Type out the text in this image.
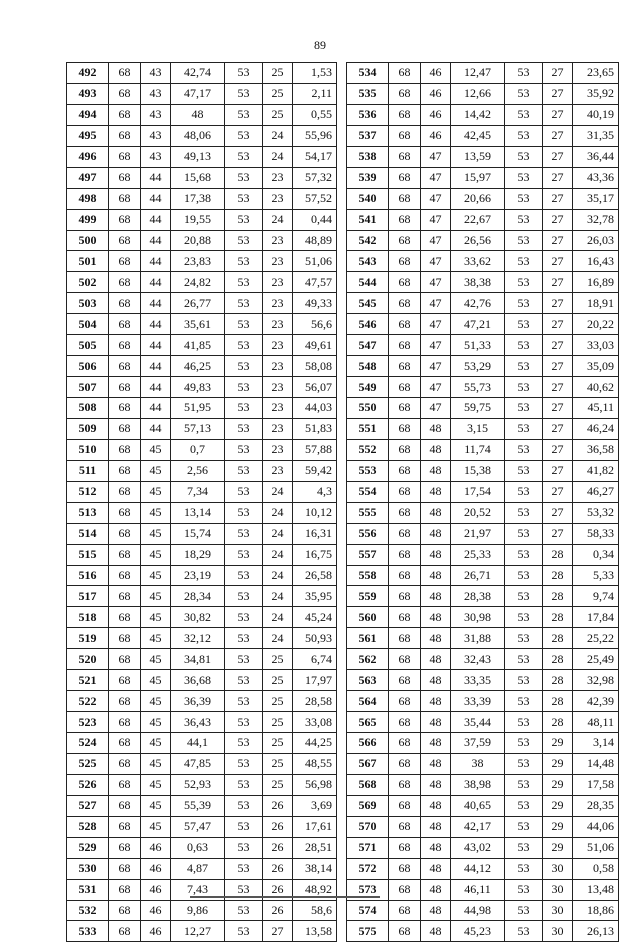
89
492	68	43	42,74	53	25	1,53
493	68	43	47,17	53	25	2,11
494	68	43	48	53	25	0,55
495	68	43	48,06	53	24	55,96
496	68	43	49,13	53	24	54,17
497	68	44	15,68	53	23	57,32
498	68	44	17,38	53	23	57,52
499	68	44	19,55	53	24	0,44
500	68	44	20,88	53	23	48,89
501	68	44	23,83	53	23	51,06
502	68	44	24,82	53	23	47,57
503	68	44	26,77	53	23	49,33
504	68	44	35,61	53	23	56,6
505	68	44	41,85	53	23	49,61
506	68	44	46,25	53	23	58,08
507	68	44	49,83	53	23	56,07
508	68	44	51,95	53	23	44,03
509	68	44	57,13	53	23	51,83
510	68	45	0,7	53	23	57,88
511	68	45	2,56	53	23	59,42
512	68	45	7,34	53	24	4,3
513	68	45	13,14	53	24	10,12
514	68	45	15,74	53	24	16,31
515	68	45	18,29	53	24	16,75
516	68	45	23,19	53	24	26,58
517	68	45	28,34	53	24	35,95
518	68	45	30,82	53	24	45,24
519	68	45	32,12	53	24	50,93
520	68	45	34,81	53	25	6,74
521	68	45	36,68	53	25	17,97
522	68	45	36,39	53	25	28,58
523	68	45	36,43	53	25	33,08
524	68	45	44,1	53	25	44,25
525	68	45	47,85	53	25	48,55
526	68	45	52,93	53	25	56,98
527	68	45	55,39	53	26	3,69
528	68	45	57,47	53	26	17,61
529	68	46	0,63	53	26	28,51
530	68	46	4,87	53	26	38,14
531	68	46	7,43	53	26	48,92
532	68	46	9,86	53	26	58,6
533	68	46	12,27	53	27	13,58
534	68	46	12,47	53	27	23,65
535	68	46	12,66	53	27	35,92
536	68	46	14,42	53	27	40,19
537	68	46	42,45	53	27	31,35
538	68	47	13,59	53	27	36,44
539	68	47	15,97	53	27	43,36
540	68	47	20,66	53	27	35,17
541	68	47	22,67	53	27	32,78
542	68	47	26,56	53	27	26,03
543	68	47	33,62	53	27	16,43
544	68	47	38,38	53	27	16,89
545	68	47	42,76	53	27	18,91
546	68	47	47,21	53	27	20,22
547	68	47	51,33	53	27	33,03
548	68	47	53,29	53	27	35,09
549	68	47	55,73	53	27	40,62
550	68	47	59,75	53	27	45,11
551	68	48	3,15	53	27	46,24
552	68	48	11,74	53	27	36,58
553	68	48	15,38	53	27	41,82
554	68	48	17,54	53	27	46,27
555	68	48	20,52	53	27	53,32
556	68	48	21,97	53	27	58,33
557	68	48	25,33	53	28	0,34
558	68	48	26,71	53	28	5,33
559	68	48	28,38	53	28	9,74
560	68	48	30,98	53	28	17,84
561	68	48	31,88	53	28	25,22
562	68	48	32,43	53	28	25,49
563	68	48	33,35	53	28	32,98
564	68	48	33,39	53	28	42,39
565	68	48	35,44	53	28	48,11
566	68	48	37,59	53	29	3,14
567	68	48	38	53	29	14,48
568	68	48	38,98	53	29	17,58
569	68	48	40,65	53	29	28,35
570	68	48	42,17	53	29	44,06
571	68	48	43,02	53	29	51,06
572	68	48	44,12	53	30	0,58
573	68	48	46,11	53	30	13,48
574	68	48	44,98	53	30	18,86
575	68	48	45,23	53	30	26,13
